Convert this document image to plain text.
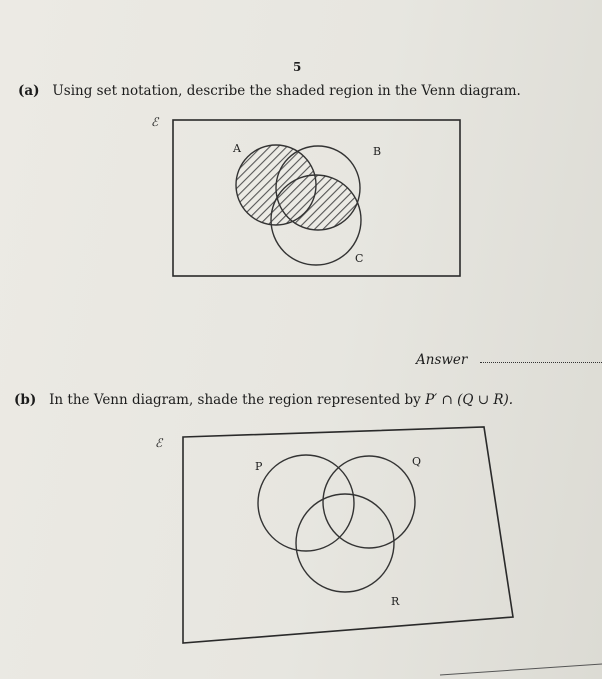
5
(a) Using set notation, describe the shaded region in the Venn diagram.
Answer
(b) In the Venn diagram, shade the region represented by P′ ∩ (Q ∪ R).
ℰ
A	B
C
ℰ
P	Q
R
